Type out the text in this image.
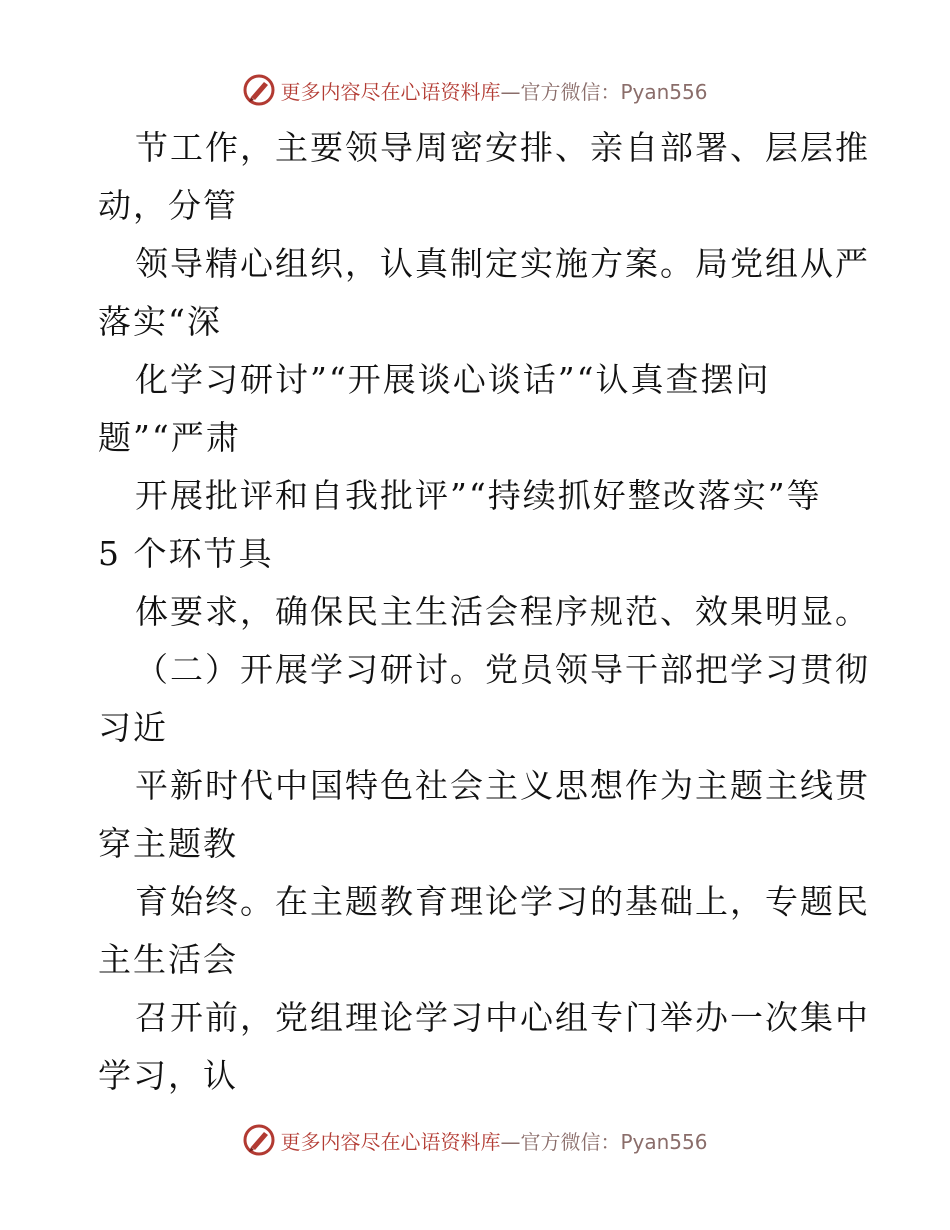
更多内容尽在心语资料库—官方微信：Pyan556
节工作，主要领导周密安排、亲自部署、层层推
动，分管
领导精心组织，认真制定实施方案。局党组从严
落实“深
化学习研讨”“开展谈心谈话”“认真查摆问
题”“严肃
开展批评和自我批评”“持续抓好整改落实”等
5 个环节具
体要求，确保民主生活会程序规范、效果明显。
（二）开展学习研讨。党员领导干部把学习贯彻
习近
平新时代中国特色社会主义思想作为主题主线贯
穿主题教
育始终。在主题教育理论学习的基础上，专题民
主生活会
召开前，党组理论学习中心组专门举办一次集中
学习，认
更多内容尽在心语资料库—官方微信：Pyan556
